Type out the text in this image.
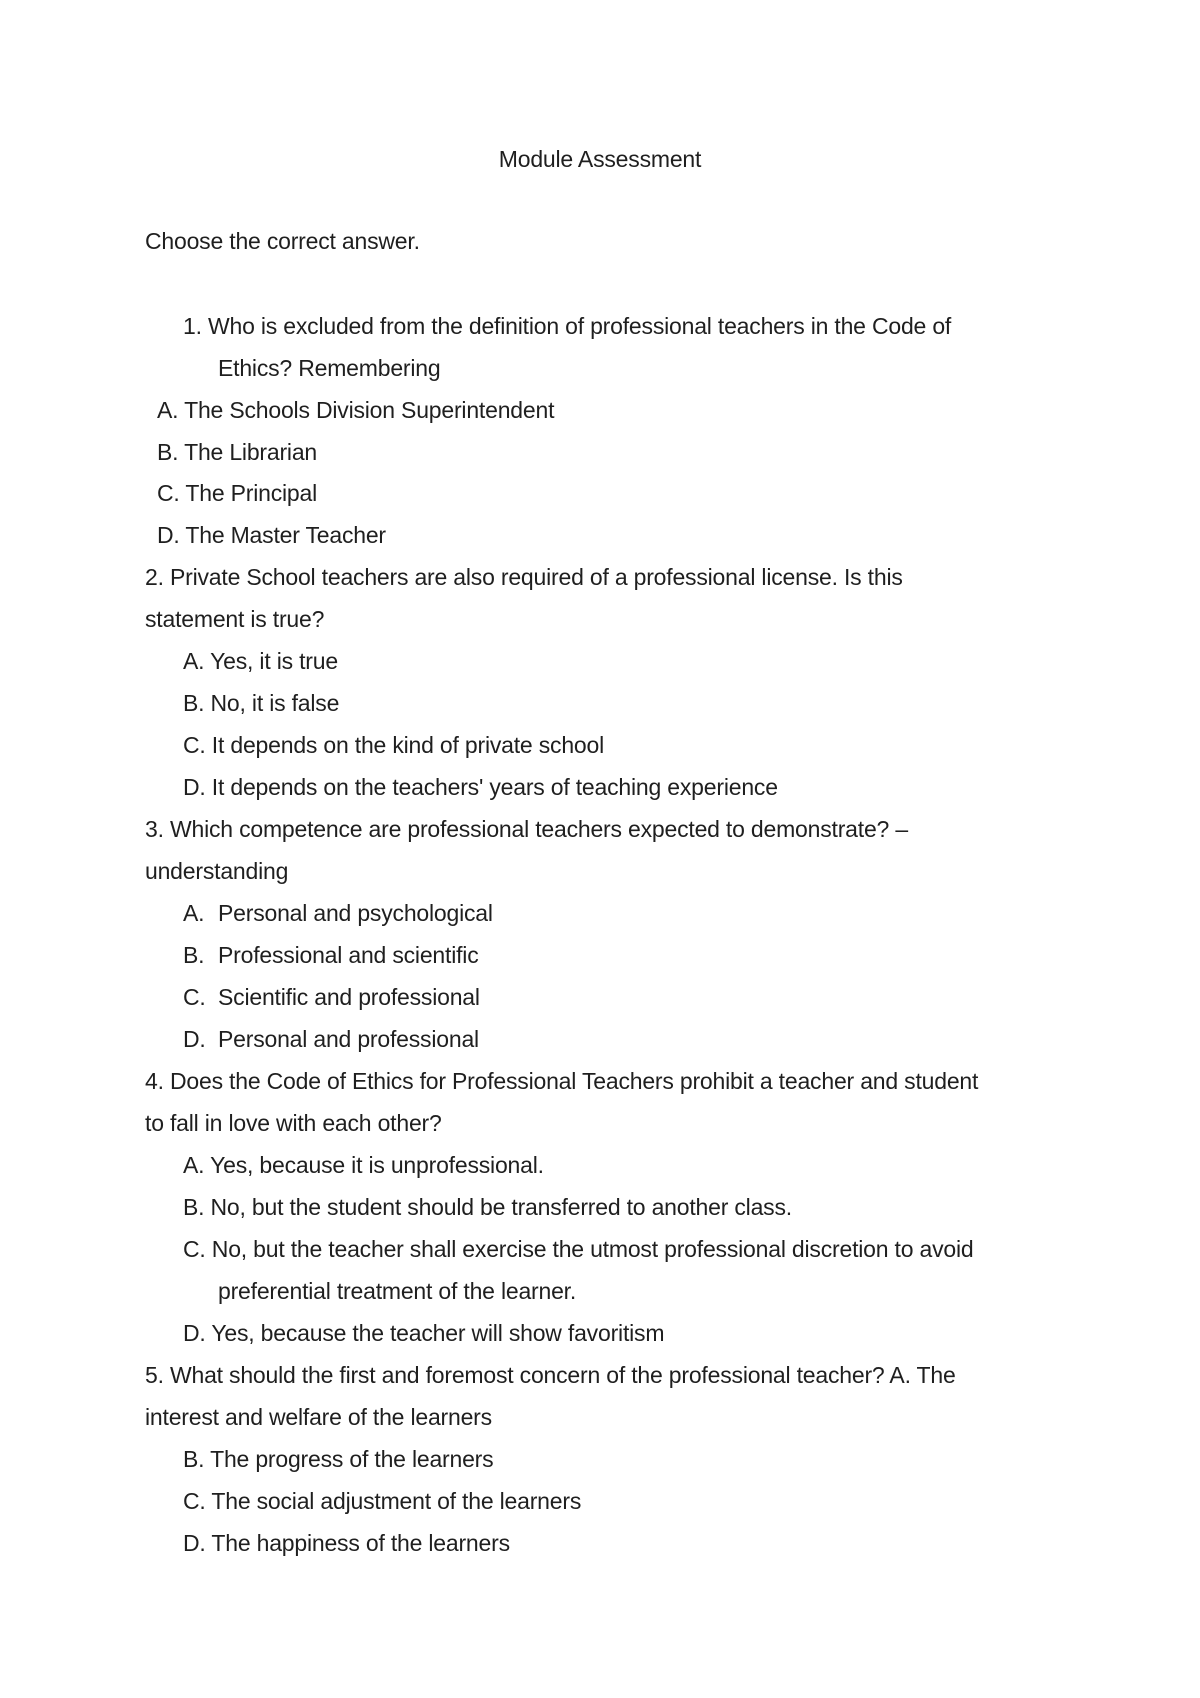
Module Assessment
Choose the correct answer.
1. Who is excluded from the definition of professional teachers in the Code of
Ethics? Remembering
A. The Schools Division Superintendent
B. The Librarian
C. The Principal
D. The Master Teacher
2. Private School teachers are also required of a professional license. Is this
statement is true?
A. Yes, it is true
B. No, it is false
C. It depends on the kind of private school
D. It depends on the teachers' years of teaching experience
3. Which competence are professional teachers expected to demonstrate? –
understanding
A. Personal and psychological
B. Professional and scientific
C. Scientific and professional
D. Personal and professional
4. Does the Code of Ethics for Professional Teachers prohibit a teacher and student
to fall in love with each other?
A. Yes, because it is unprofessional.
B. No, but the student should be transferred to another class.
C. No, but the teacher shall exercise the utmost professional discretion to avoid
preferential treatment of the learner.
D. Yes, because the teacher will show favoritism
5. What should the first and foremost concern of the professional teacher? A. The
interest and welfare of the learners
B. The progress of the learners
C. The social adjustment of the learners
D. The happiness of the learners
